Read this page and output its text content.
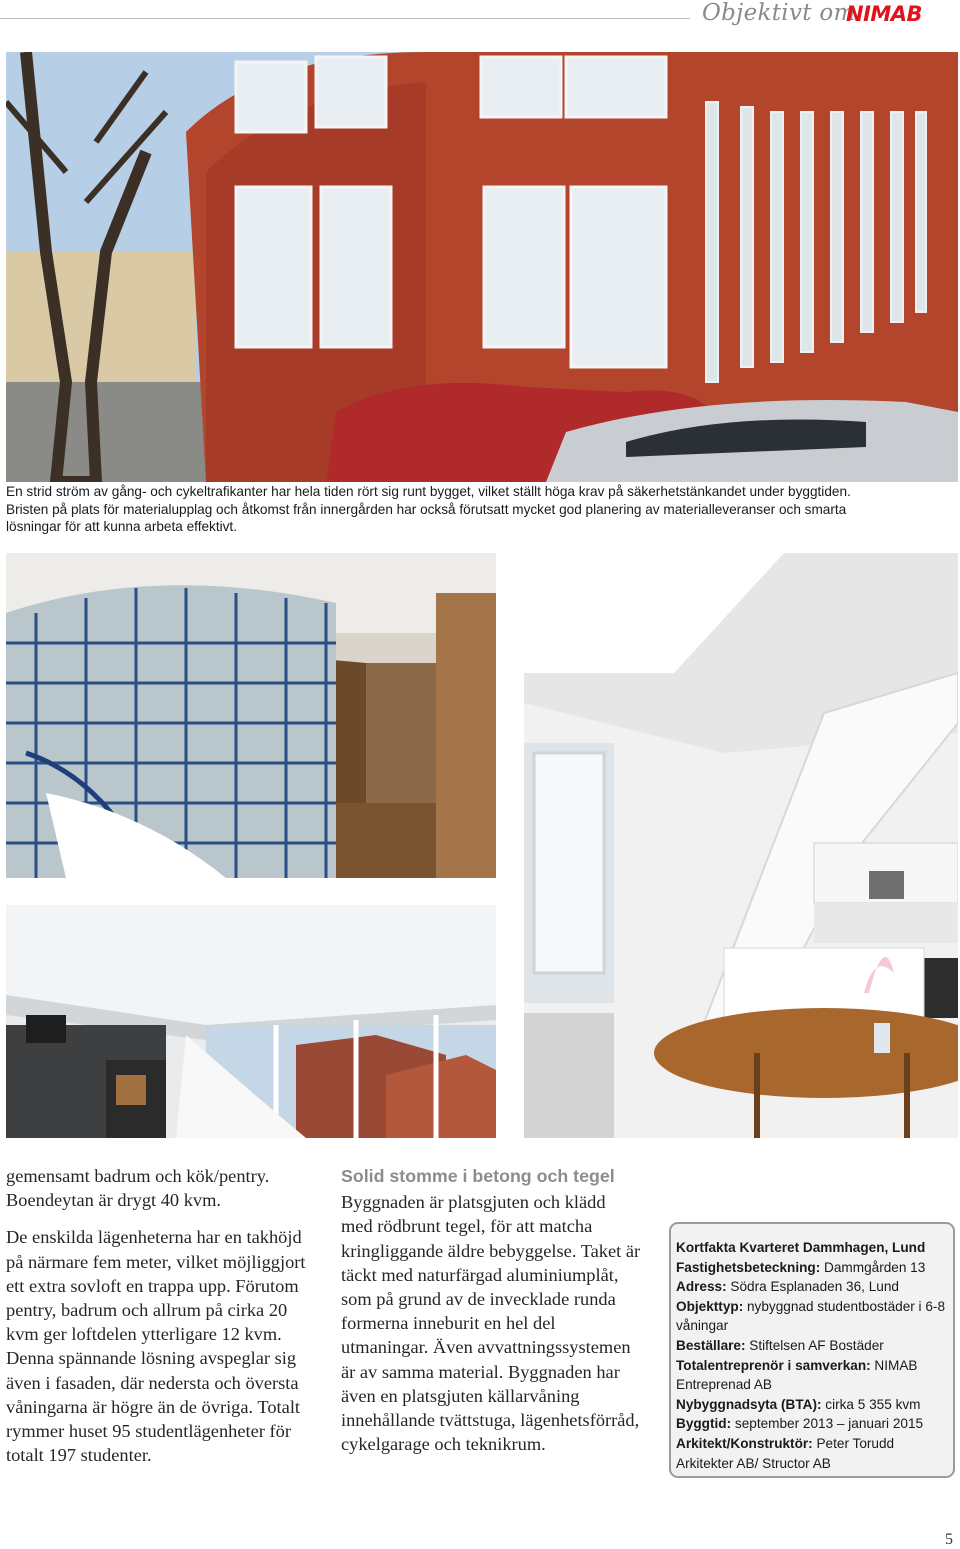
Objektivt om
NIMAB
En strid ström av gång- och cykeltrafikanter har hela tiden rört sig runt bygget, vilket ställt höga krav på säkerhetstänkandet under byggtiden.
Bristen på plats för materialupplag och åtkomst från innergården har också förutsatt mycket god planering av materialleveranser och smarta
lösningar för att kunna arbeta effektivt.

gemensamt badrum och kök/pentry. Boendeytan är drygt 40 kvm.

De enskilda lägenheterna har en takhöjd på närmare fem meter, vilket möjliggjort ett extra sovloft en trappa upp. Förutom pentry, badrum och allrum på cirka 20 kvm ger loftdelen ytterligare 12 kvm. Denna spännande lösning avspeglar sig även i fasaden, där nedersta och översta våningarna är högre än de övriga. Totalt rymmer huset 95 studentlägenheter för totalt 197 studenter.

Solid stomme i betong och tegel

Byggnaden är platsgjuten och klädd med rödbrunt tegel, för att matcha kringliggande äldre bebyggelse. Taket är täckt med naturfärgad aluminiumplåt, som på grund av de invecklade runda formerna inneburit en hel del utmaningar. Även avvattningssystemen är av samma material. Byggnaden har även en platsgjuten källarvåning innehållande tvättstuga, lägenhetsförråd, cykelgarage och teknikrum.

Kortfakta Kvarteret Dammhagen, Lund
Fastighetsbeteckning: Dammgården 13
Adress: Södra Esplanaden 36, Lund
Objekttyp: nybyggnad studentbostäder i 6-8 våningar
Beställare: Stiftelsen AF Bostäder
Totalentreprenör i samverkan: NIMAB Entreprenad AB
Nybyggnadsyta (BTA): cirka 5 355 kvm
Byggtid: september 2013 – januari 2015
Arkitekt/Konstruktör: Peter Torudd Arkitekter AB/ Structor AB
5
